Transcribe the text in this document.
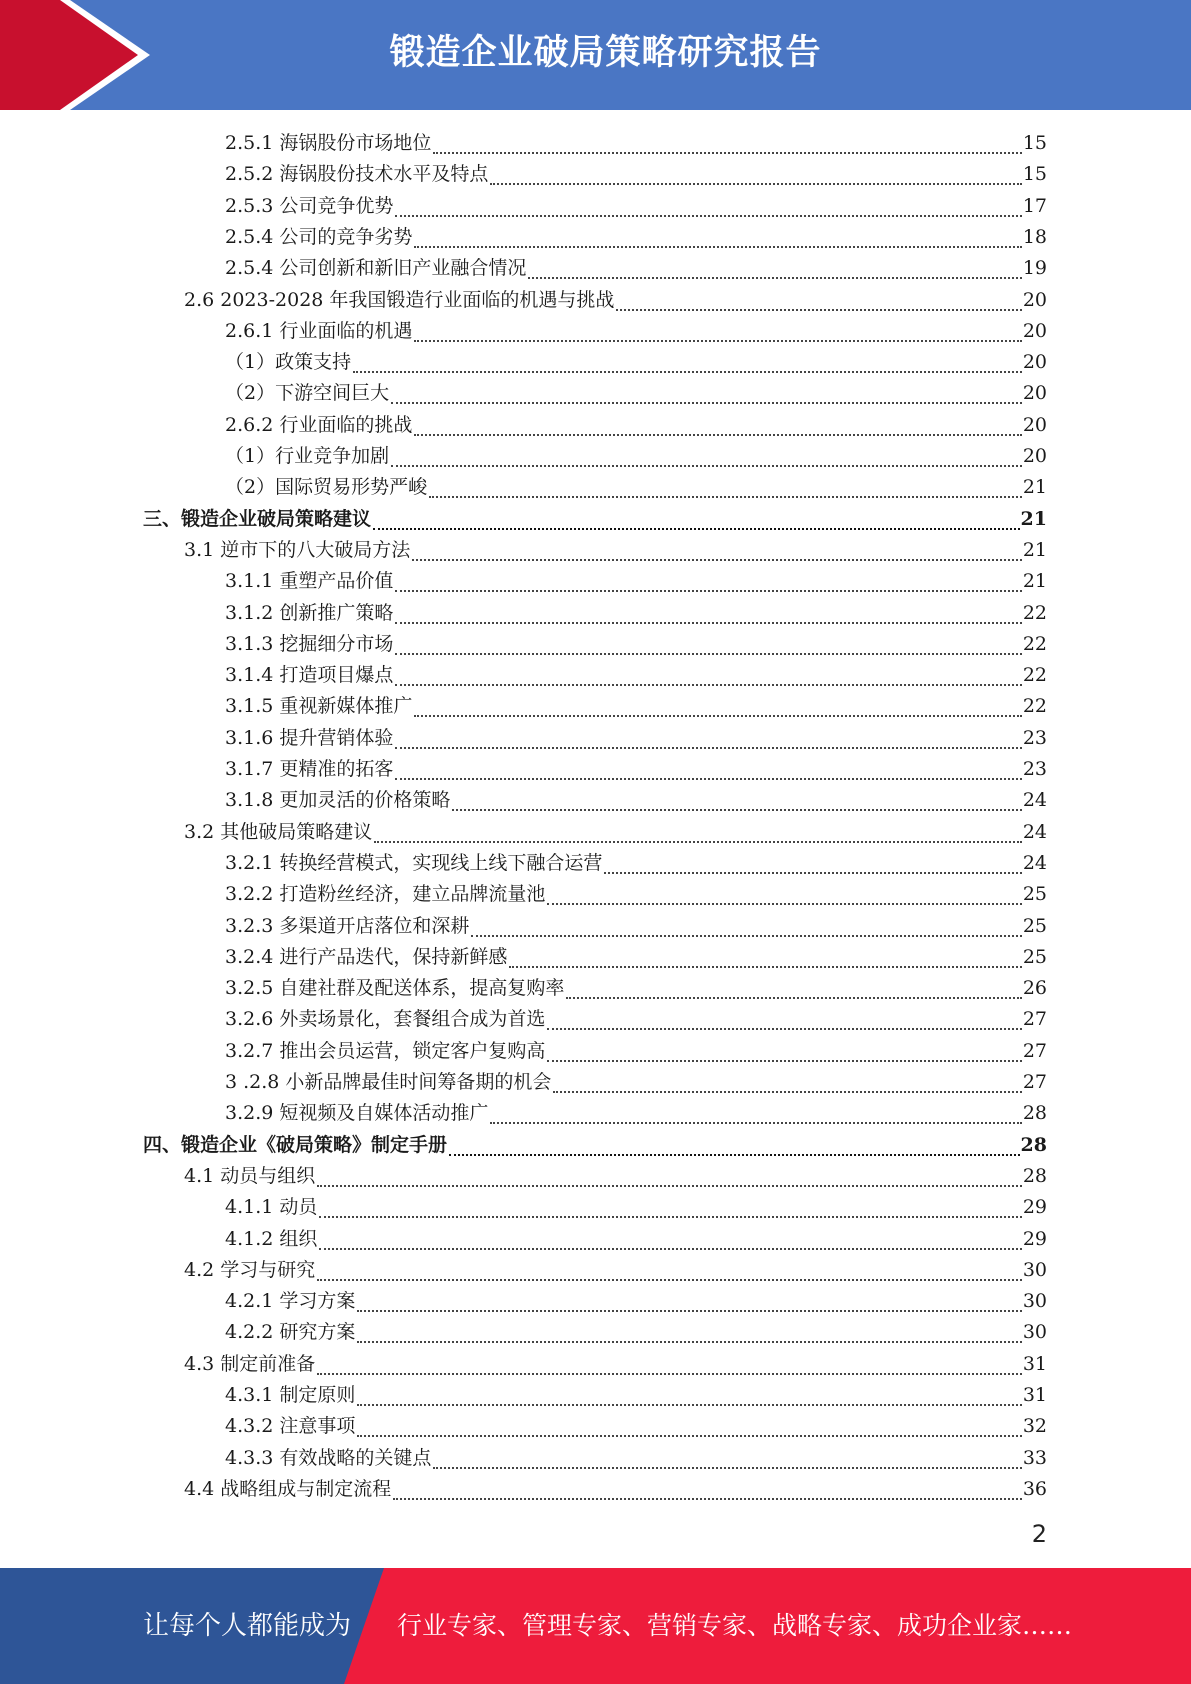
锻造企业破局策略研究报告
2.5.1 海锅股份市场地位	15
2.5.2 海锅股份技术水平及特点	15
2.5.3 公司竞争优势	17
2.5.4 公司的竞争劣势	18
2.5.4 公司创新和新旧产业融合情况	19
2.6 2023-2028 年我国锻造行业面临的机遇与挑战	20
2.6.1 行业面临的机遇	20
（1）政策支持	20
（2）下游空间巨大	20
2.6.2 行业面临的挑战	20
（1）行业竞争加剧	20
（2）国际贸易形势严峻	21
三、锻造企业破局策略建议	21
3.1 逆市下的八大破局方法	21
3.1.1 重塑产品价值	21
3.1.2 创新推广策略	22
3.1.3 挖掘细分市场	22
3.1.4 打造项目爆点	22
3.1.5 重视新媒体推广	22
3.1.6 提升营销体验	23
3.1.7 更精准的拓客	23
3.1.8 更加灵活的价格策略	24
3.2 其他破局策略建议	24
3.2.1 转换经营模式，实现线上线下融合运营	24
3.2.2 打造粉丝经济，建立品牌流量池	25
3.2.3 多渠道开店落位和深耕	25
3.2.4 进行产品迭代，保持新鲜感	25
3.2.5 自建社群及配送体系，提高复购率	26
3.2.6 外卖场景化，套餐组合成为首选	27
3.2.7 推出会员运营，锁定客户复购高	27
3 .2.8 小新品牌最佳时间筹备期的机会	27
3.2.9 短视频及自媒体活动推广	28
四、锻造企业《破局策略》制定手册	28
4.1 动员与组织	28
4.1.1 动员	29
4.1.2 组织	29
4.2 学习与研究	30
4.2.1 学习方案	30
4.2.2 研究方案	30
4.3 制定前准备	31
4.3.1 制定原则	31
4.3.2 注意事项	32
4.3.3 有效战略的关键点	33
4.4 战略组成与制定流程	36
2
让每个人都能成为 行业专家、管理专家、营销专家、战略专家、成功企业家……
